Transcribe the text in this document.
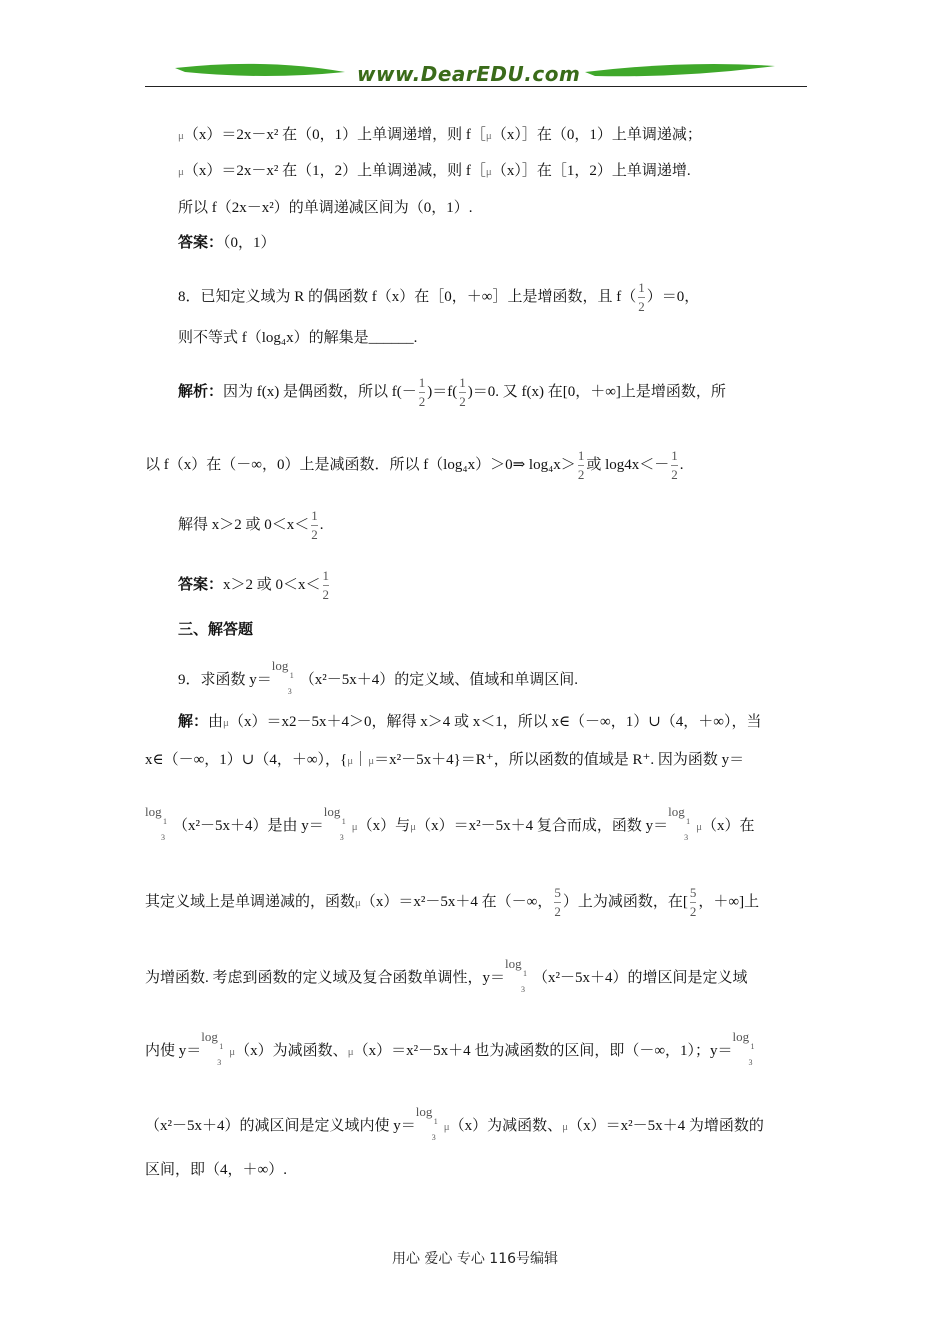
www.DearEDU.com
μ（x）＝2x－x² 在（0，1）上单调递增，则 f［μ（x）］在（0，1）上单调递减；
μ（x）＝2x－x² 在（1，2）上单调递减，则 f［μ（x）］在［1，2）上单调递增.
所以 f（2x－x²）的单调递减区间为（0，1）.
答案：（0，1）
8．已知定义域为 R 的偶函数 f（x）在［0，＋∞］上是增函数，且 $f( \frac{1}{2} )=0$，
则不等式 f（log₄x）的解集是______.
解析：因为 f(x) 是偶函数，所以 $f(- \frac{1}{2} )=f( \frac{1}{2} )=0$. 又 f(x) 在[0，＋∞]上是增函数，所
以 f（x）在（－∞，0）上是减函数．所以 f（log₄x）＞0⇒ $\log_4x> \frac{1}{2}$ 或 $\log 4x<- \frac{1}{2}$ .
解得 x＞2 或 $0<x< \frac{1}{2}$ .
答案：x＞2 或 $0<x< \frac{1}{2}$
三、解答题
9．求函数 y＝
log
1
3
（x²－5x＋4）的定义域、值域和单调区间.
解：由μ（x）＝x2－5x＋4＞0，解得 x＞4 或 x＜1，所以 x∈（－∞，1）∪（4，＋∞），当
x∈（－∞，1）∪（4，＋∞），{μ｜μ＝x²－5x＋4}＝R⁺，所以函数的值域是 R⁺. 因为函数 y＝
log
1
3
（x²－5x＋4）是由 y＝
log
1
3
μ（x）与μ（x）＝x²－5x＋4 复合而成，函数 y＝
log
1
3
μ（x）在
其定义域上是单调递减的，函数μ（x）＝x²－5x＋4 在（－∞， $\frac{5}{2}$ ）上为减函数，在[ $\frac{5}{2}$ ，＋∞]上
为增函数. 考虑到函数的定义域及复合函数单调性，y＝
log
1
3
（x²－5x＋4）的增区间是定义域
内使 y＝
log
1
3
μ（x）为减函数、μ（x）＝x²－5x＋4 也为减函数的区间，即（－∞，1）；y＝
log
1
3
（x²－5x＋4）的减区间是定义域内使 y＝
log
1
3
μ（x）为减函数、μ（x）＝x²－5x＋4 为增函数的
区间，即（4，＋∞）.
用心 爱心 专心 116号编辑
